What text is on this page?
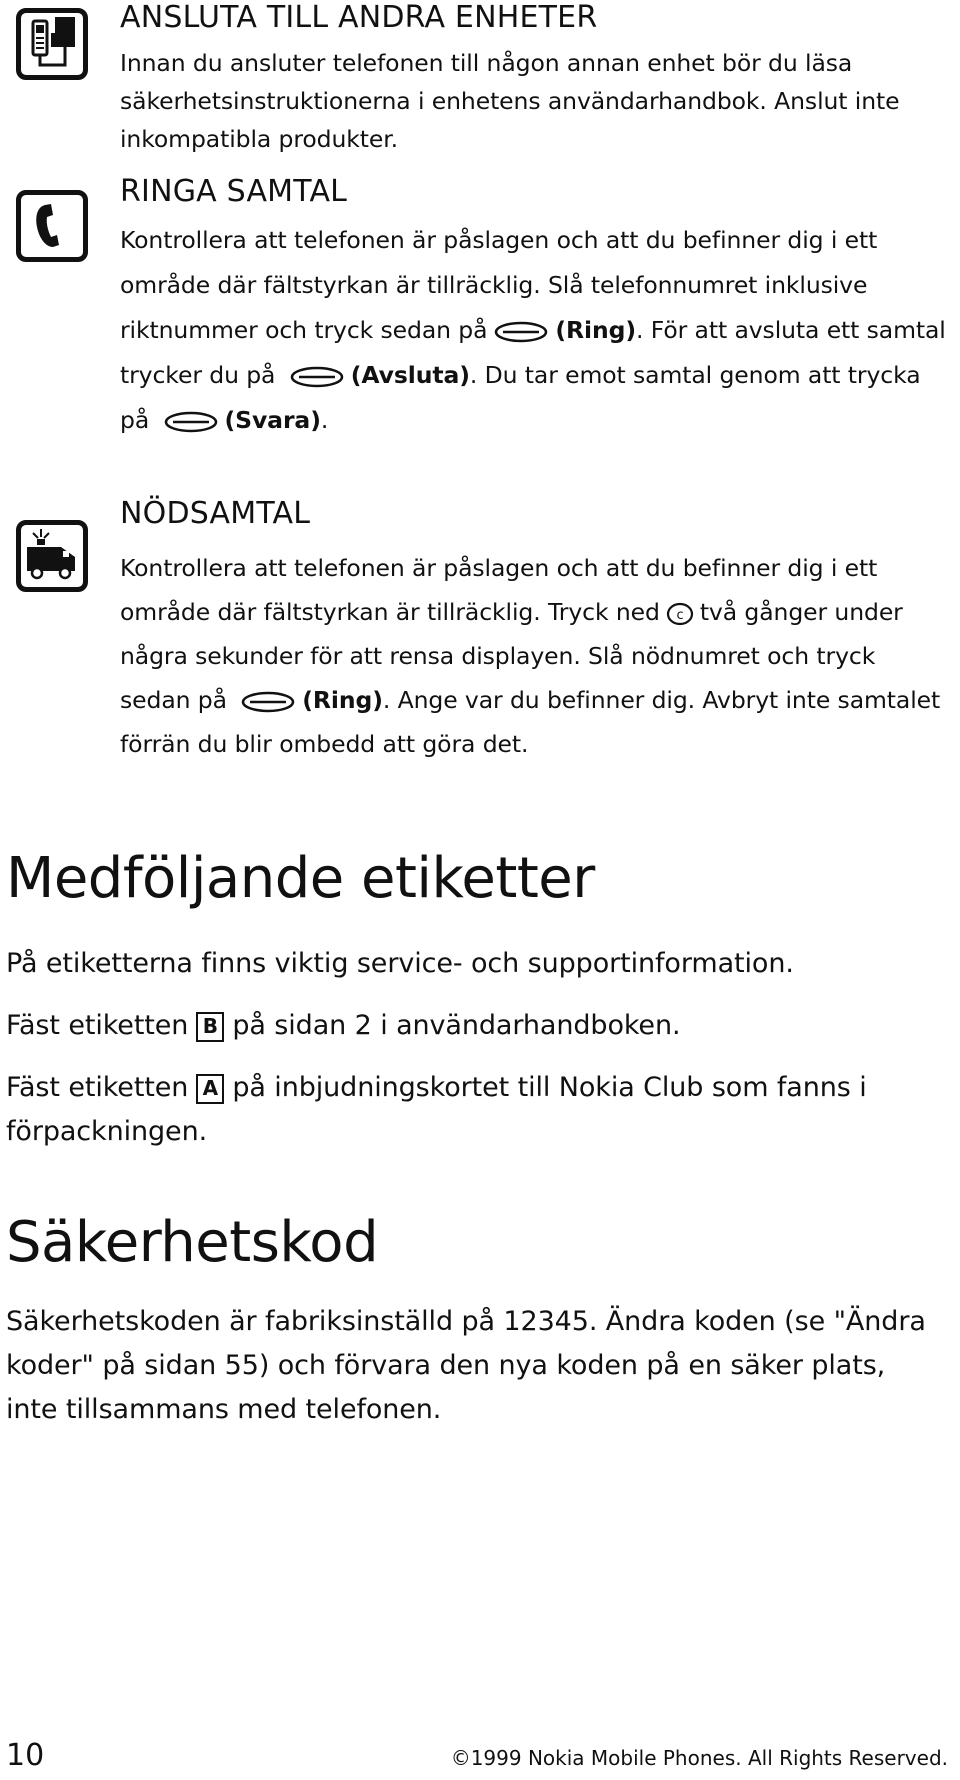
ANSLUTA TILL ANDRA ENHETER

Innan du ansluter telefonen till någon annan enhet bör du läsa säkerhetsinstruktionerna i enhetens användarhandbok. Anslut inte inkompatibla produkter.

RINGA SAMTAL

Kontrollera att telefonen är påslagen och att du befinner dig i ett område där fältstyrkan är tillräcklig. Slå telefonnumret inklusive riktnummer och tryck sedan på	(Ring). För att avsluta ett samtal trycker du på	(Avsluta). Du tar emot samtal genom att trycka på	(Svara).

NÖDSAMTAL

Kontrollera att telefonen är påslagen och att du befinner dig i ett område där fältstyrkan är tillräcklig. Tryck ned c två gånger under några sekunder för att rensa displayen. Slå nödnumret och tryck sedan på	(Ring). Ange var du befinner dig. Avbryt inte samtalet förrän du blir ombedd att göra det.

Medföljande etiketter

På etiketterna finns viktig service- och supportinformation.

Fäst etiketten B på sidan 2 i användarhandboken.

Fäst etiketten A på inbjudningskortet till Nokia Club som fanns i förpackningen.

Säkerhetskod

Säkerhetskoden är fabriksinställd på 12345. Ändra koden (se "Ändra koder" på sidan 55) och förvara den nya koden på en säker plats, inte tillsammans med telefonen.

10	©1999 Nokia Mobile Phones. All Rights Reserved.
